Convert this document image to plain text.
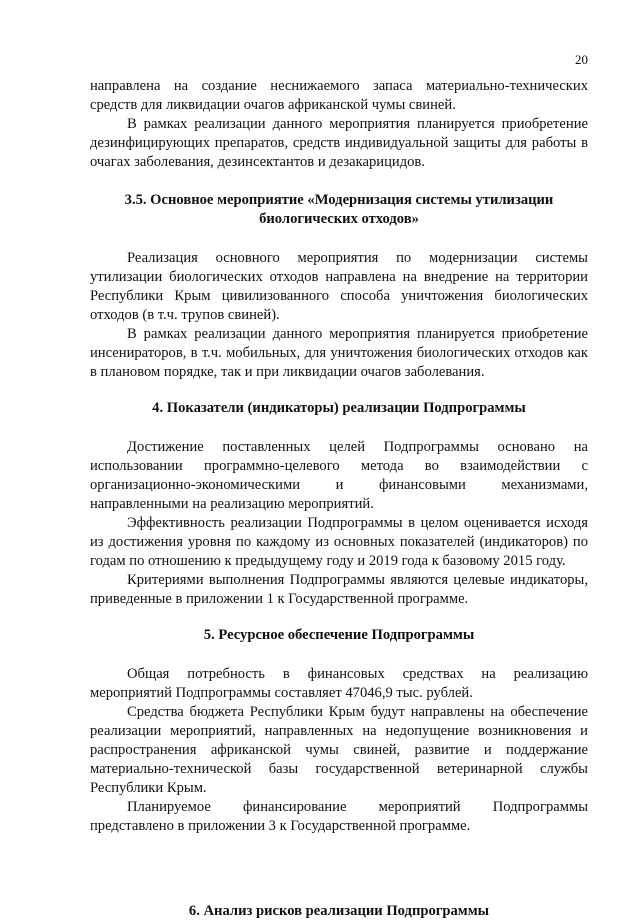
20

направлена на создание неснижаемого запаса материально-технических средств для ликвидации очагов африканской чумы свиней.

В рамках реализации данного мероприятия планируется приобретение дезинфицирующих препаратов, средств индивидуальной защиты для работы в очагах заболевания, дезинсектантов и дезакарицидов.

3.5. Основное мероприятие «Модернизация системы утилизации биологических отходов»

Реализация основного мероприятия по модернизации системы утилизации биологических отходов направлена на внедрение на территории Республики Крым цивилизованного способа уничтожения биологических отходов (в т.ч. трупов свиней).

В рамках реализации данного мероприятия планируется приобретение инсенираторов, в т.ч. мобильных, для уничтожения биологических отходов как в плановом порядке, так и при ликвидации очагов заболевания.

4. Показатели (индикаторы) реализации Подпрограммы

Достижение поставленных целей Подпрограммы основано на использовании программно-целевого метода во взаимодействии с организационно-экономическими и финансовыми механизмами, направленными на реализацию мероприятий.

Эффективность реализации Подпрограммы в целом оценивается исходя из достижения уровня по каждому из основных показателей (индикаторов) по годам по отношению к предыдущему году и 2019 года к базовому 2015 году.

Критериями выполнения Подпрограммы являются целевые индикаторы, приведенные в приложении 1 к Государственной программе.

5. Ресурсное обеспечение Подпрограммы

Общая потребность в финансовых средствах на реализацию мероприятий Подпрограммы составляет 47046,9 тыс. рублей.

Средства бюджета Республики Крым будут направлены на обеспечение реализации мероприятий, направленных на недопущение возникновения и распространения африканской чумы свиней, развитие и поддержание материально-технической базы государственной ветеринарной службы Республики Крым.

Планируемое финансирование мероприятий Подпрограммы представлено в приложении 3 к Государственной программе.

6. Анализ рисков реализации Подпрограммы
